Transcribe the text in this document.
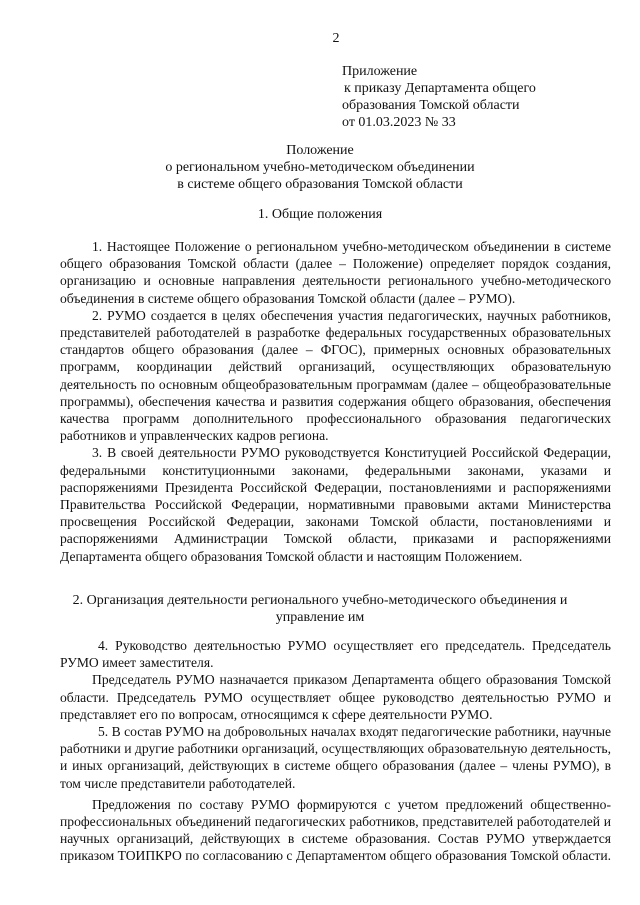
2
Приложение
к приказу Департамента общего
образования Томской области
от 01.03.2023 № 33
Положение
о региональном учебно-методическом объединении
в системе общего образования Томской области
1. Общие положения

1. Настоящее Положение о региональном учебно-методическом объединении в системе общего образования Томской области (далее – Положение) определяет порядок создания, организацию и основные направления деятельности регионального учебно-методического объединения в системе общего образования Томской области (далее – РУМО).

2. РУМО создается в целях обеспечения участия педагогических, научных работников, представителей работодателей в разработке федеральных государственных образовательных стандартов общего образования (далее – ФГОС), примерных основных образовательных программ, координации действий организаций, осуществляющих образовательную деятельность по основным общеобразовательным программам (далее – общеобразовательные программы), обеспечения качества и развития содержания общего образования, обеспечения качества программ дополнительного профессионального образования педагогических работников и управленческих кадров региона.

3. В своей деятельности РУМО руководствуется Конституцией Российской Федерации, федеральными конституционными законами, федеральными законами, указами и распоряжениями Президента Российской Федерации, постановлениями и распоряжениями Правительства Российской Федерации, нормативными правовыми актами Министерства просвещения Российской Федерации, законами Томской области, постановлениями и распоряжениями Администрации Томской области, приказами и распоряжениями Департамента общего образования Томской области и настоящим Положением.

2. Организация деятельности регионального учебно-методического объединения и
управление им

4. Руководство деятельностью РУМО осуществляет его председатель. Председатель РУМО имеет заместителя.

Председатель РУМО назначается приказом Департамента общего образования Томской области. Председатель РУМО осуществляет общее руководство деятельностью РУМО и представляет его по вопросам, относящимся к сфере деятельности РУМО.

5. В состав РУМО на добровольных началах входят педагогические работники, научные работники и другие работники организаций, осуществляющих образовательную деятельность, и иных организаций, действующих в системе общего образования (далее – члены РУМО), в том числе представители работодателей.

Предложения по составу РУМО формируются с учетом предложений общественно-профессиональных объединений педагогических работников, представителей работодателей и научных организаций, действующих в системе образования. Состав РУМО утверждается приказом ТОИПКРО по согласованию с Департаментом общего образования Томской области.
